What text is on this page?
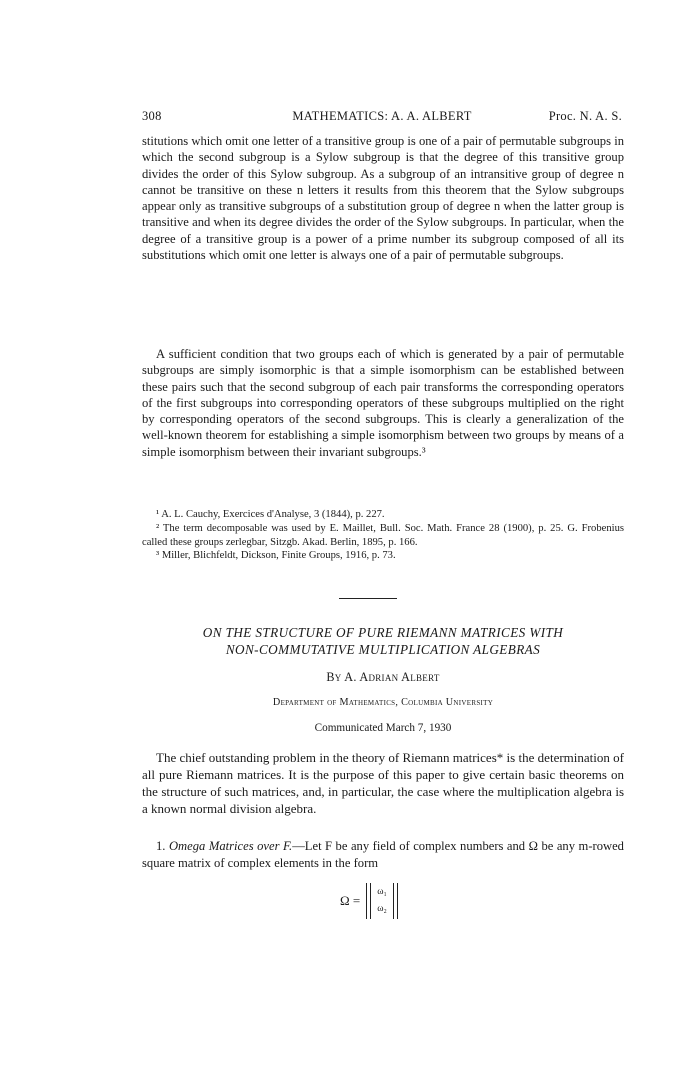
308	MATHEMATICS: A. A. ALBERT	Proc. N. A. S.

stitutions which omit one letter of a transitive group is one of a pair of permutable subgroups in which the second subgroup is a Sylow subgroup is that the degree of this transitive group divides the order of this Sylow subgroup. As a subgroup of an intransitive group of degree n cannot be transitive on these n letters it results from this theorem that the Sylow subgroups appear only as transitive subgroups of a substitution group of degree n when the latter group is transitive and when its degree divides the order of the Sylow subgroups. In particular, when the degree of a transitive group is a power of a prime number its subgroup composed of all its substitutions which omit one letter is always one of a pair of permutable subgroups.

A sufficient condition that two groups each of which is generated by a pair of permutable subgroups are simply isomorphic is that a simple isomorphism can be established between these pairs such that the second subgroup of each pair transforms the corresponding operators of the first subgroups into corresponding operators of these subgroups multiplied on the right by corresponding operators of the second subgroups. This is clearly a generalization of the well-known theorem for establishing a simple isomorphism between two groups by means of a simple isomorphism between their invariant subgroups.³

¹ A. L. Cauchy, Exercices d'Analyse, 3 (1844), p. 227.

² The term decomposable was used by E. Maillet, Bull. Soc. Math. France 28 (1900), p. 25. G. Frobenius called these groups zerlegbar, Sitzgb. Akad. Berlin, 1895, p. 166.

³ Miller, Blichfeldt, Dickson, Finite Groups, 1916, p. 73.

ON THE STRUCTURE OF PURE RIEMANN MATRICES WITH
NON-COMMUTATIVE MULTIPLICATION ALGEBRAS
By A. Adrian Albert
Department of Mathematics, Columbia University
Communicated March 7, 1930

The chief outstanding problem in the theory of Riemann matrices* is the determination of all pure Riemann matrices. It is the purpose of this paper to give certain basic theorems on the structure of such matrices, and, in particular, the case where the multiplication algebra is a known normal division algebra.

1. Omega Matrices over F.—Let F be any field of complex numbers and Ω be any m-rowed square matrix of complex elements in the form

Ω =
ω₁
ω₂
